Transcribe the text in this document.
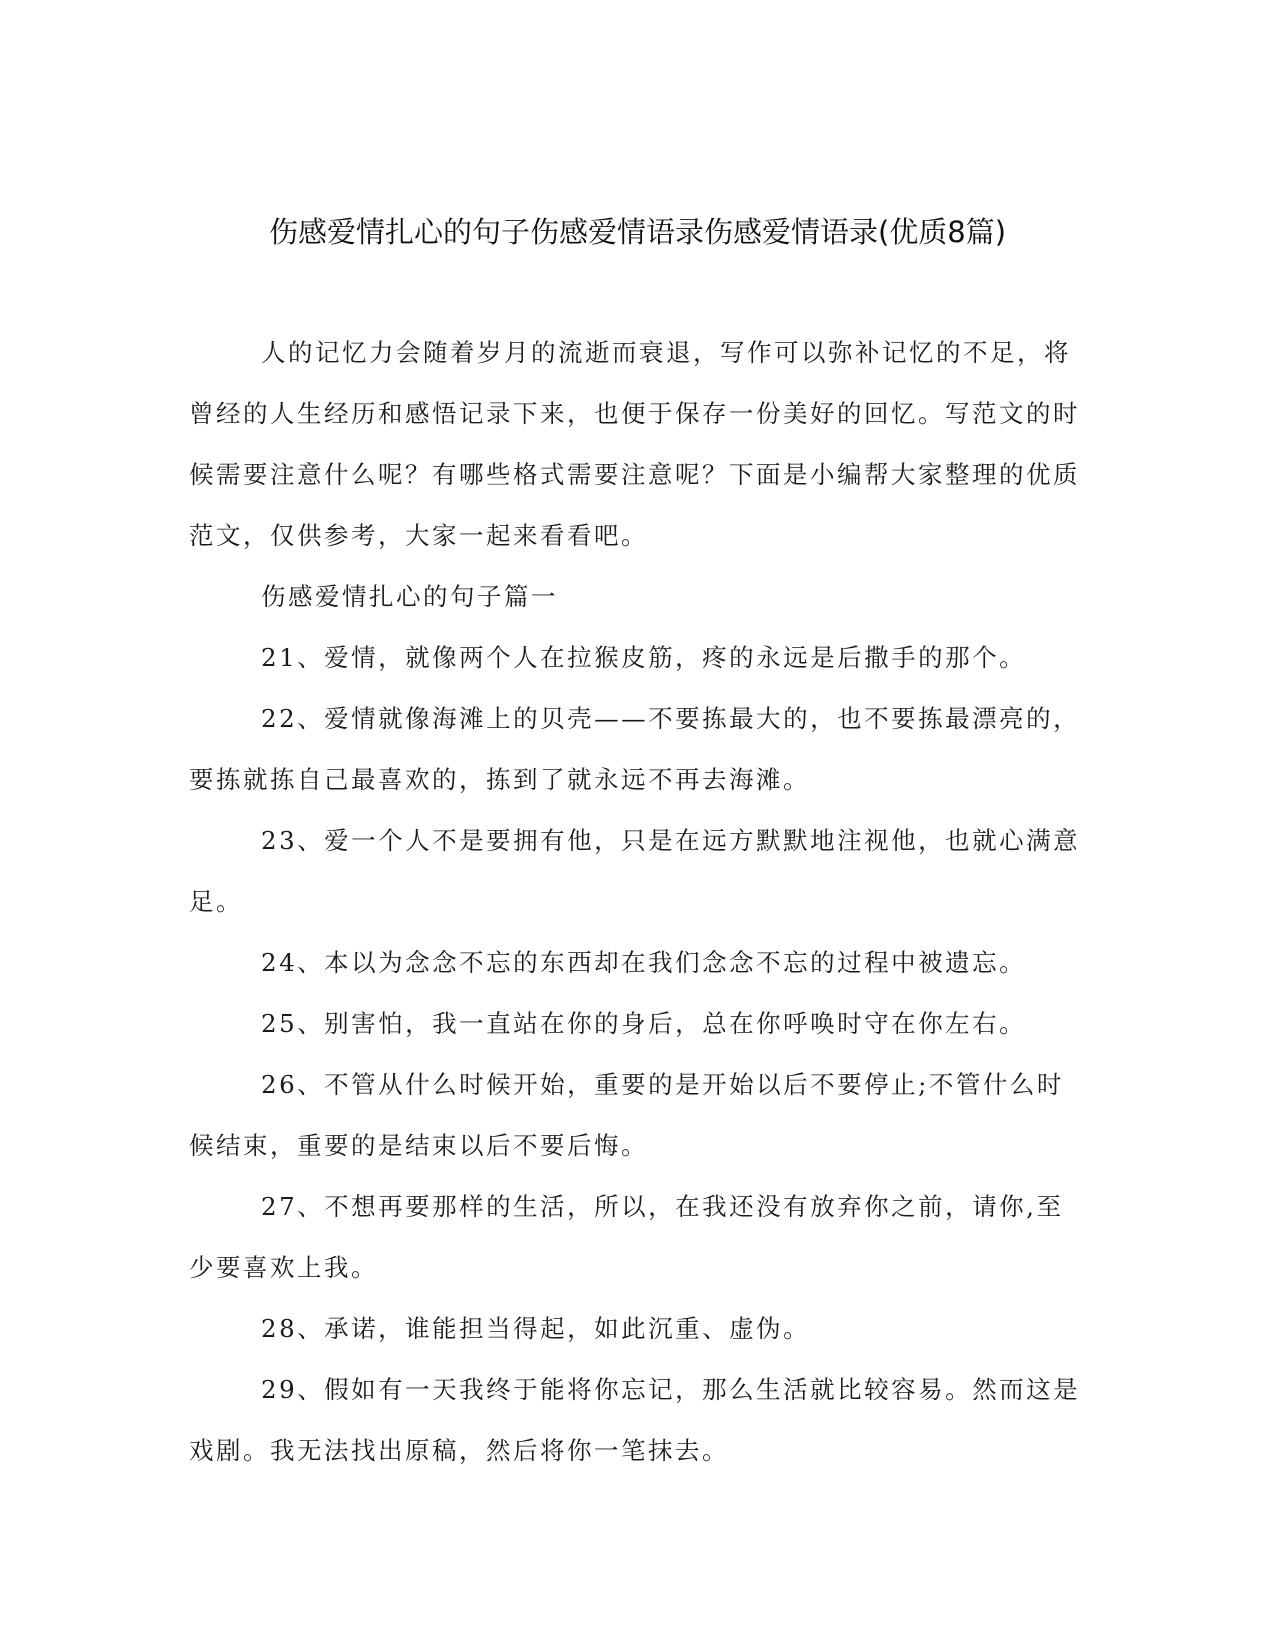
伤感爱情扎心的句子伤感爱情语录伤感爱情语录(优质8篇)

人的记忆力会随着岁月的流逝而衰退，写作可以弥补记忆的不足，将曾经的人生经历和感悟记录下来，也便于保存一份美好的回忆。写范文的时候需要注意什么呢？有哪些格式需要注意呢？下面是小编帮大家整理的优质范文，仅供参考，大家一起来看看吧。

伤感爱情扎心的句子篇一

21、爱情，就像两个人在拉猴皮筋，疼的永远是后撒手的那个。

22、爱情就像海滩上的贝壳——不要拣最大的，也不要拣最漂亮的，要拣就拣自己最喜欢的，拣到了就永远不再去海滩。

23、爱一个人不是要拥有他，只是在远方默默地注视他，也就心满意足。

24、本以为念念不忘的东西却在我们念念不忘的过程中被遗忘。

25、别害怕，我一直站在你的身后，总在你呼唤时守在你左右。

26、不管从什么时候开始，重要的是开始以后不要停止;不管什么时候结束，重要的是结束以后不要后悔。

27、不想再要那样的生活，所以，在我还没有放弃你之前，请你,至少要喜欢上我。

28、承诺，谁能担当得起，如此沉重、虚伪。

29、假如有一天我终于能将你忘记，那么生活就比较容易。然而这是戏剧。我无法找出原稿，然后将你一笔抹去。
